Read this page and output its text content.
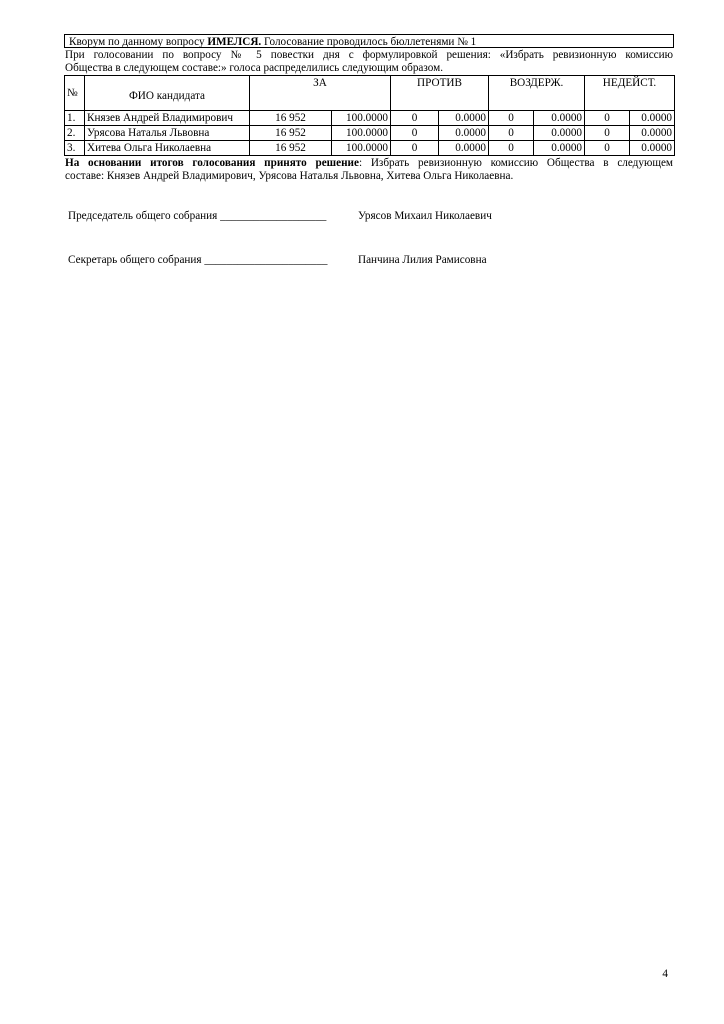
Кворум по данному вопросу ИМЕЛСЯ. Голосование проводилось бюллетенями № 1
При голосовании по вопросу № 5 повестки дня с формулировкой решения: «Избрать ревизионную комиссию
Общества в следующем составе:» голоса распределились следующим образом.
№	ФИО кандидата	ЗА		ПРОТИВ		ВОЗДЕРЖ.		НЕДЕЙСТ.	
1.	Князев Андрей Владимирович	16 952	100.0000	0	0.0000	0	0.0000	0	0.0000
2.	Урясова Наталья Львовна	16 952	100.0000	0	0.0000	0	0.0000	0	0.0000
3.	Хитева Ольга Николаевна	16 952	100.0000	0	0.0000	0	0.0000	0	0.0000
На основании итогов голосования принято решение: Избрать ревизионную комиссию Общества в следующем
составе: Князев Андрей Владимирович, Урясова Наталья Львовна, Хитева Ольга Николаевна.
Председатель общего собрания ___________________	Урясов Михаил Николаевич
Секретарь общего собрания ______________________	Панчина Лилия Рамисовна
4
